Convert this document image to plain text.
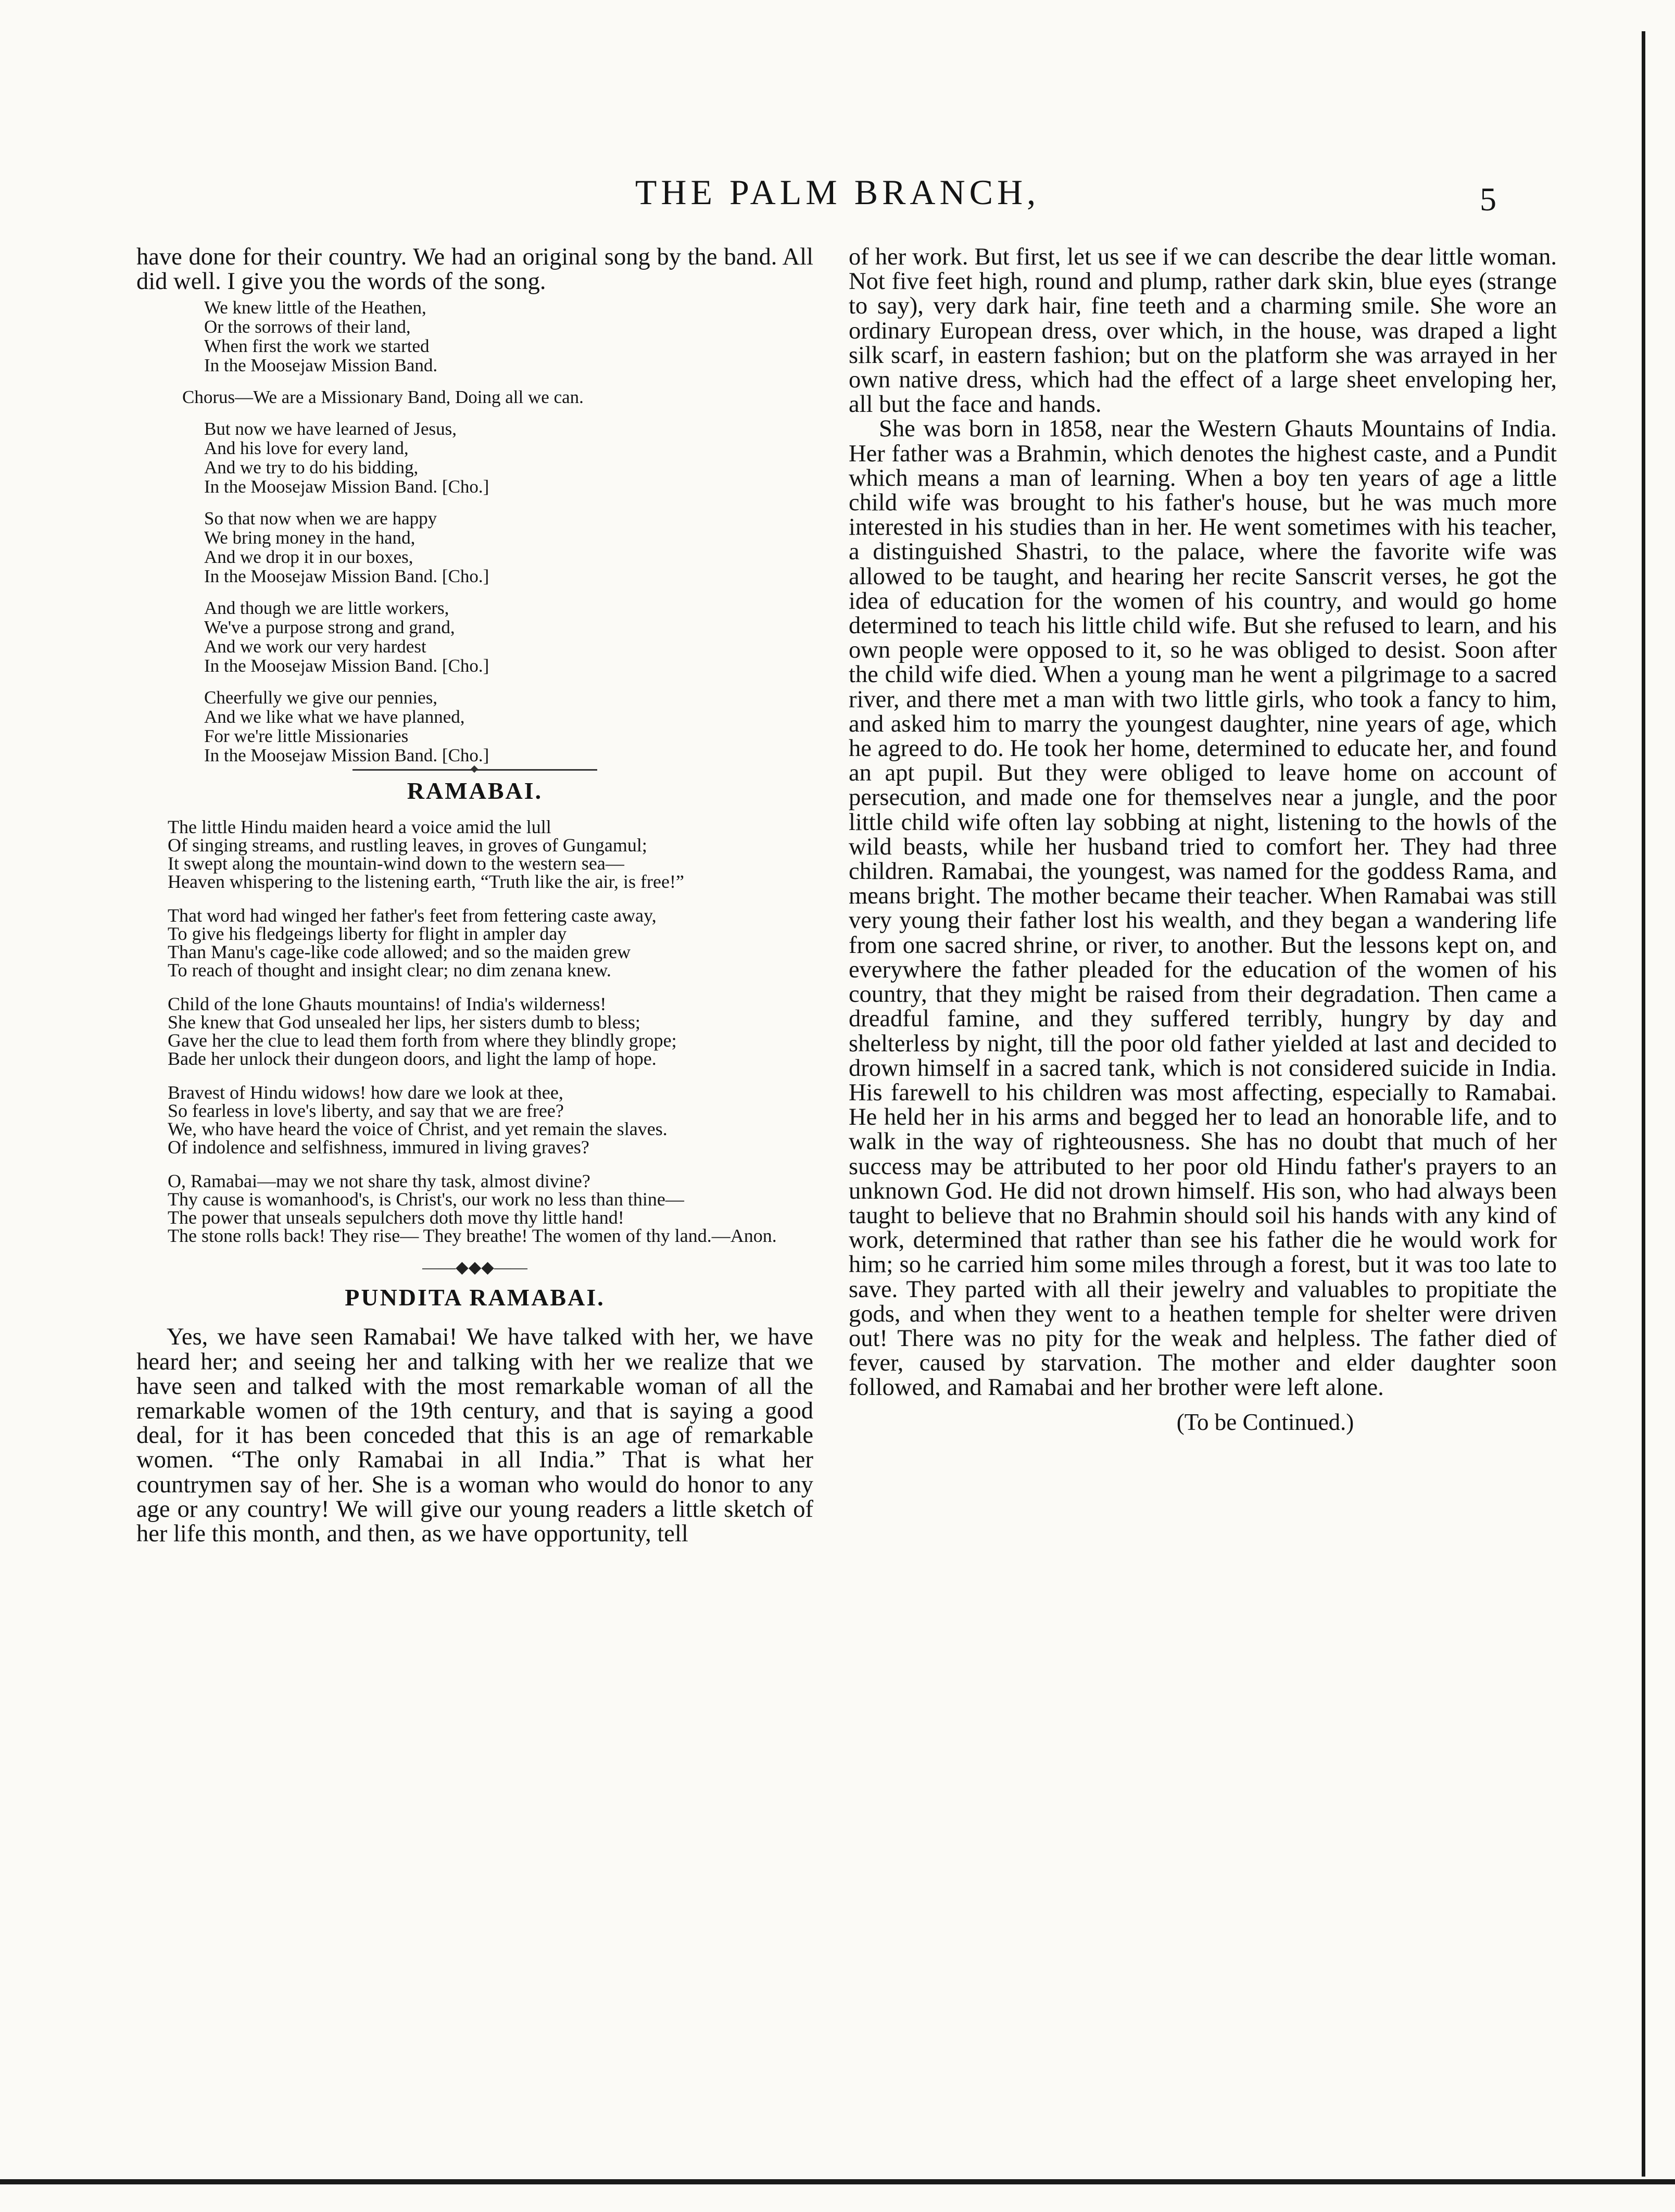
THE PALM BRANCH,	5

have done for their country. We had an original song by the band. All did well. I give you the words of the song.

We knew little of the Heathen,
Or the sorrows of their land,
When first the work we started
In the Moosejaw Mission Band.
Chorus—We are a Missionary Band, Doing all we can.
But now we have learned of Jesus,
And his love for every land,
And we try to do his bidding,
In the Moosejaw Mission Band. [Cho.]
So that now when we are happy
We bring money in the hand,
And we drop it in our boxes,
In the Moosejaw Mission Band. [Cho.]
And though we are little workers,
We've a purpose strong and grand,
And we work our very hardest
In the Moosejaw Mission Band. [Cho.]
Cheerfully we give our pennies,
And we like what we have planned,
For we're little Missionaries
In the Moosejaw Mission Band. [Cho.]
RAMABAI.
The little Hindu maiden heard a voice amid the lull
Of singing streams, and rustling leaves, in groves of Gungamul;
It swept along the mountain-wind down to the western sea—
Heaven whispering to the listening earth, “Truth like the air, is free!”
That word had winged her father's feet from fettering caste away,
To give his fledgeings liberty for flight in ampler day
Than Manu's cage-like code allowed; and so the maiden grew
To reach of thought and insight clear; no dim zenana knew.
Child of the lone Ghauts mountains! of India's wilderness!
She knew that God unsealed her lips, her sisters dumb to bless;
Gave her the clue to lead them forth from where they blindly grope;
Bade her unlock their dungeon doors, and light the lamp of hope.
Bravest of Hindu widows! how dare we look at thee,
So fearless in love's liberty, and say that we are free?
We, who have heard the voice of Christ, and yet remain the slaves.
Of indolence and selfishness, immured in living graves?
O, Ramabai—may we not share thy task, almost divine?
Thy cause is womanhood's, is Christ's, our work no less than thine—
The power that unseals sepulchers doth move thy little hand!
The stone rolls back! They rise— They breathe! The women of thy land.—Anon.
——◆◆◆——
PUNDITA RAMABAI.

Yes, we have seen Ramabai! We have talked with her, we have heard her; and seeing her and talking with her we realize that we have seen and talked with the most remarkable woman of all the remarkable women of the 19th century, and that is saying a good deal, for it has been conceded that this is an age of remarkable women. “The only Ramabai in all India.” That is what her countrymen say of her. She is a woman who would do honor to any age or any country! We will give our young readers a little sketch of her life this month, and then, as we have opportunity, tell

of her work. But first, let us see if we can describe the dear little woman. Not five feet high, round and plump, rather dark skin, blue eyes (strange to say), very dark hair, fine teeth and a charming smile. She wore an ordinary European dress, over which, in the house, was draped a light silk scarf, in eastern fashion; but on the platform she was arrayed in her own native dress, which had the effect of a large sheet enveloping her, all but the face and hands.

She was born in 1858, near the Western Ghauts Mountains of India. Her father was a Brahmin, which denotes the highest caste, and a Pundit which means a man of learning. When a boy ten years of age a little child wife was brought to his father's house, but he was much more interested in his studies than in her. He went sometimes with his teacher, a distinguished Shastri, to the palace, where the favorite wife was allowed to be taught, and hearing her recite Sanscrit verses, he got the idea of education for the women of his country, and would go home determined to teach his little child wife. But she refused to learn, and his own people were opposed to it, so he was obliged to desist. Soon after the child wife died. When a young man he went a pilgrimage to a sacred river, and there met a man with two little girls, who took a fancy to him, and asked him to marry the youngest daughter, nine years of age, which he agreed to do. He took her home, determined to educate her, and found an apt pupil. But they were obliged to leave home on account of persecution, and made one for themselves near a jungle, and the poor little child wife often lay sobbing at night, listening to the howls of the wild beasts, while her husband tried to comfort her. They had three children. Ramabai, the youngest, was named for the goddess Rama, and means bright. The mother became their teacher. When Ramabai was still very young their father lost his wealth, and they began a wandering life from one sacred shrine, or river, to another. But the lessons kept on, and everywhere the father pleaded for the education of the women of his country, that they might be raised from their degradation. Then came a dreadful famine, and they suffered terribly, hungry by day and shelterless by night, till the poor old father yielded at last and decided to drown himself in a sacred tank, which is not considered suicide in India. His farewell to his children was most affecting, especially to Ramabai. He held her in his arms and begged her to lead an honorable life, and to walk in the way of righteousness. She has no doubt that much of her success may be attributed to her poor old Hindu father's prayers to an unknown God. He did not drown himself. His son, who had always been taught to believe that no Brahmin should soil his hands with any kind of work, determined that rather than see his father die he would work for him; so he carried him some miles through a forest, but it was too late to save. They parted with all their jewelry and valuables to propitiate the gods, and when they went to a heathen temple for shelter were driven out! There was no pity for the weak and helpless. The father died of fever, caused by starvation. The mother and elder daughter soon followed, and Ramabai and her brother were left alone.

(To be Continued.)
